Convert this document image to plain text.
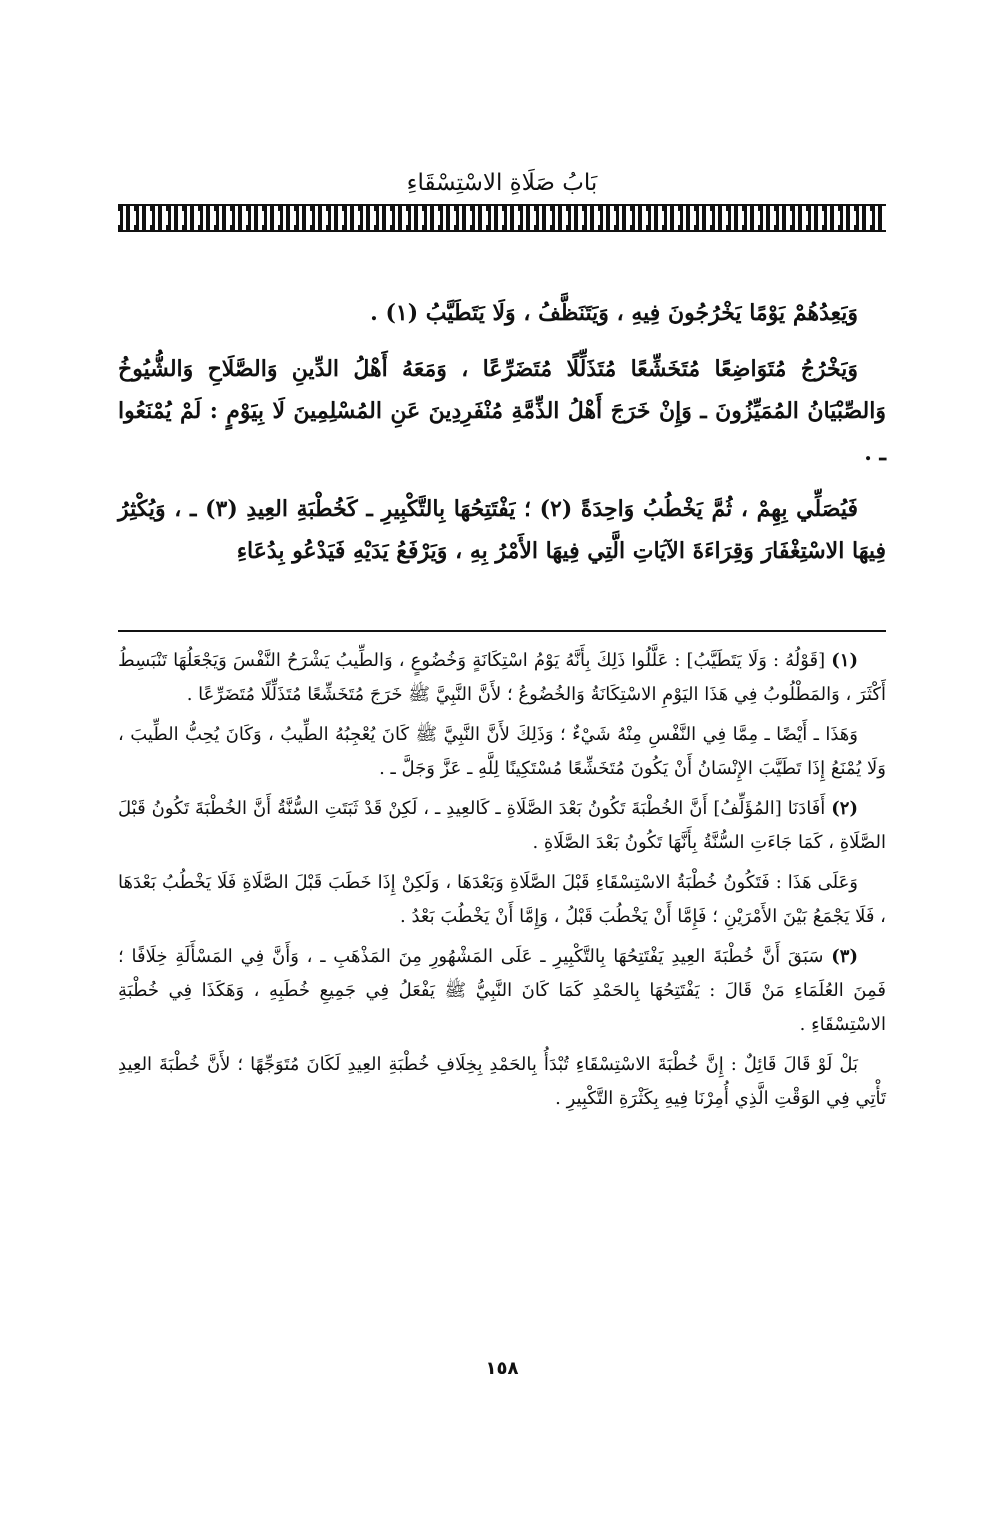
بَابُ صَلَاةِ الاسْتِسْقَاءِ

وَيَعِدُهُمْ يَوْمًا يَخْرُجُونَ فِيهِ ، وَيَتَنَظَّفُ ، وَلَا يَتَطَيَّبُ (١) .

وَيَخْرُجُ مُتَوَاضِعًا مُتَخَشِّعًا مُتَذَلِّلًا مُتَضَرِّعًا ، وَمَعَهُ أَهْلُ الدِّينِ وَالصَّلَاحِ وَالشُّيُوخُ وَالصِّبْيَانُ المُمَيِّزُونَ ـ وَإِنْ خَرَجَ أَهْلُ الذِّمَّةِ مُنْفَرِدِينَ عَنِ المُسْلِمِينَ لَا بِيَوْمٍ : لَمْ يُمْنَعُوا ـ .

فَيُصَلِّي بِهِمْ ، ثُمَّ يَخْطُبُ وَاحِدَةً (٢) ؛ يَفْتَتِحُهَا بِالتَّكْبِيرِ ـ كَخُطْبَةِ العِيدِ (٣) ـ ، وَيُكْثِرُ فِيهَا الاسْتِغْفَارَ وَقِرَاءَةَ الآيَاتِ الَّتِي فِيهَا الأَمْرُ بِهِ ، وَيَرْفَعُ يَدَيْهِ فَيَدْعُو بِدُعَاءِ

(١) [قَوْلُهُ : وَلَا يَتَطَيَّبُ] : عَلَّلُوا ذَلِكَ بِأَنَّهُ يَوْمُ اسْتِكَانَةٍ وَخُضُوعٍ ، وَالطِّيبُ يَشْرَحُ النَّفْسَ وَيَجْعَلُهَا تَنْبَسِطُ أَكْثَرَ ، وَالمَطْلُوبُ فِي هَذَا اليَوْمِ الاسْتِكَانَةُ وَالخُضُوعُ ؛ لأَنَّ النَّبِيَّ ﷺ خَرَجَ مُتَخَشِّعًا مُتَذَلِّلًا مُتَضَرِّعًا .

وَهَذَا ـ أَيْضًا ـ مِمَّا فِي النَّفْسِ مِنْهُ شَيْءٌ ؛ وَذَلِكَ لأَنَّ النَّبِيَّ ﷺ كَانَ يُعْجِبُهُ الطِّيبُ ، وَكَانَ يُحِبُّ الطِّيبَ ، وَلَا يُمْنَعُ إِذَا تَطَيَّبَ الإِنْسَانُ أَنْ يَكُونَ مُتَخَشِّعًا مُسْتَكِينًا لِلَّهِ ـ عَزَّ وَجَلَّ ـ .

(٢) أَفَادَنَا [المُؤَلِّفُ] أَنَّ الخُطْبَةَ تَكُونُ بَعْدَ الصَّلَاةِ ـ كَالعِيدِ ـ ، لَكِنْ قَدْ ثَبَتَتِ السُّنَّةُ أَنَّ الخُطْبَةَ تَكُونُ قَبْلَ الصَّلَاةِ ، كَمَا جَاءَتِ السُّنَّةُ بِأَنَّهَا تَكُونُ بَعْدَ الصَّلَاةِ .

وَعَلَى هَذَا : فَتَكُونُ خُطْبَةُ الاسْتِسْقَاءِ قَبْلَ الصَّلَاةِ وَبَعْدَهَا ، وَلَكِنْ إِذَا خَطَبَ قَبْلَ الصَّلَاةِ فَلَا يَخْطُبُ بَعْدَهَا ، فَلَا يَجْمَعُ بَيْنَ الأَمْرَيْنِ ؛ فَإِمَّا أَنْ يَخْطُبَ قَبْلُ ، وَإِمَّا أَنْ يَخْطُبَ بَعْدُ .

(٣) سَبَقَ أَنَّ خُطْبَةَ العِيدِ يَفْتَتِحُهَا بِالتَّكْبِيرِ ـ عَلَى المَشْهُورِ مِنَ المَذْهَبِ ـ ، وَأَنَّ فِي المَسْأَلَةِ خِلَافًا ؛ فَمِنَ العُلَمَاءِ مَنْ قَالَ : يَفْتَتِحُهَا بِالحَمْدِ كَمَا كَانَ النَّبِيُّ ﷺ يَفْعَلُ فِي جَمِيعِ خُطَبِهِ ، وَهَكَذَا فِي خُطْبَةِ الاسْتِسْقَاءِ .

بَلْ لَوْ قَالَ قَائِلٌ : إِنَّ خُطْبَةَ الاسْتِسْقَاءِ تُبْدَأُ بِالحَمْدِ بِخِلَافِ خُطْبَةِ العِيدِ لَكَانَ مُتَوَجِّهًا ؛ لأَنَّ خُطْبَةَ العِيدِ تَأْتِي فِي الوَقْتِ الَّذِي أُمِرْنَا فِيهِ بِكَثْرَةِ التَّكْبِيرِ .

١٥٨
